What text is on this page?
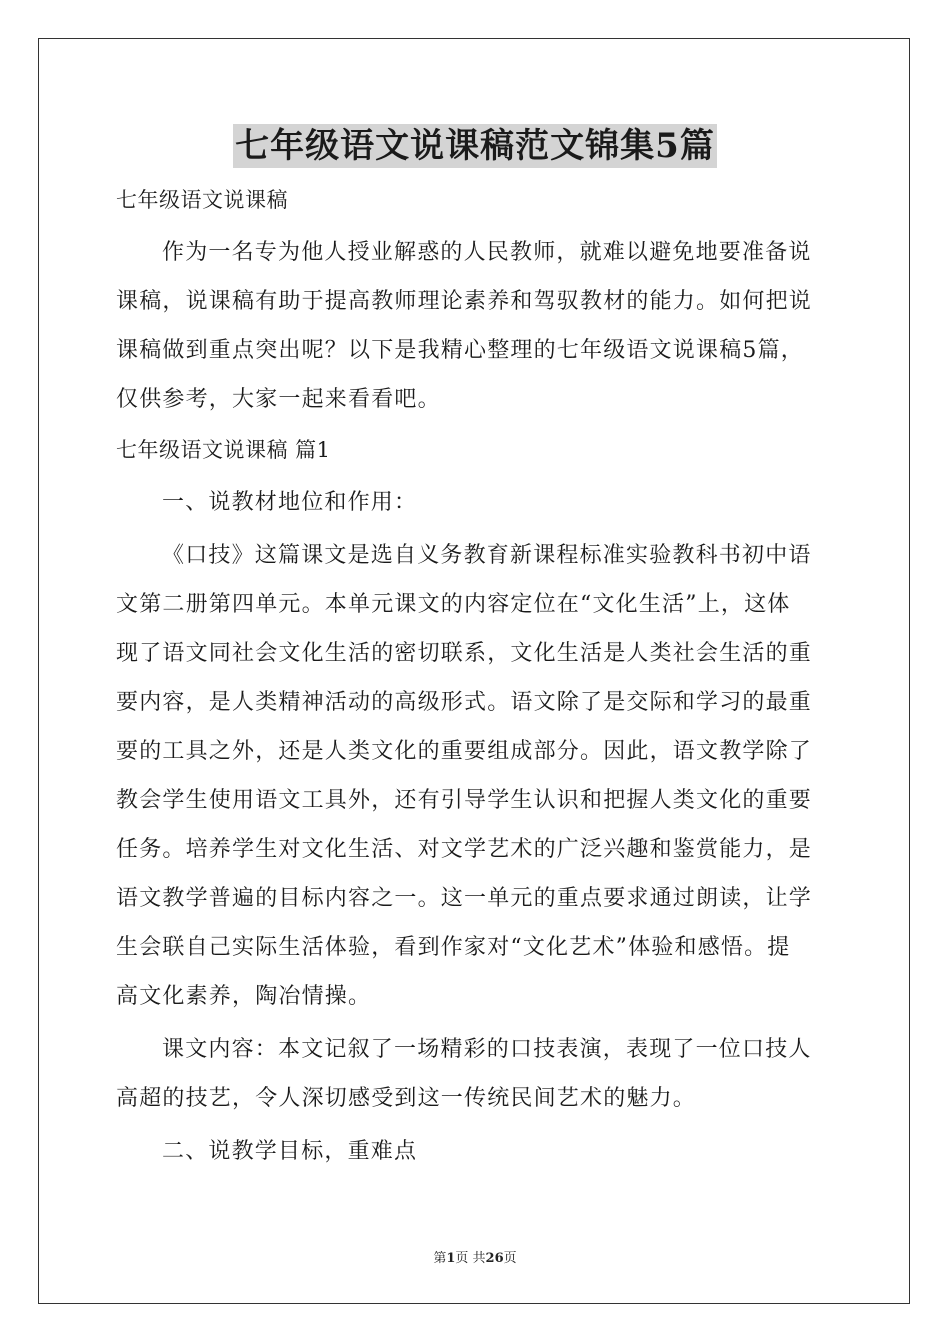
七年级语文说课稿范文锦集5篇

七年级语文说课稿

作为一名专为他人授业解惑的人民教师，就难以避免地要准备说

课稿，说课稿有助于提高教师理论素养和驾驭教材的能力。如何把说

课稿做到重点突出呢？以下是我精心整理的七年级语文说课稿5篇，

仅供参考，大家一起来看看吧。

七年级语文说课稿 篇1

一、说教材地位和作用：

《口技》这篇课文是选自义务教育新课程标准实验教科书初中语

文第二册第四单元。本单元课文的内容定位在“文化生活”上，这体

现了语文同社会文化生活的密切联系，文化生活是人类社会生活的重

要内容，是人类精神活动的高级形式。语文除了是交际和学习的最重

要的工具之外，还是人类文化的重要组成部分。因此，语文教学除了

教会学生使用语文工具外，还有引导学生认识和把握人类文化的重要

任务。培养学生对文化生活、对文学艺术的广泛兴趣和鉴赏能力，是

语文教学普遍的目标内容之一。这一单元的重点要求通过朗读，让学

生会联自己实际生活体验，看到作家对“文化艺术”体验和感悟。提

高文化素养，陶冶情操。

课文内容：本文记叙了一场精彩的口技表演，表现了一位口技人

高超的技艺，令人深切感受到这一传统民间艺术的魅力。

二、说教学目标，重难点

第1页 共26页
